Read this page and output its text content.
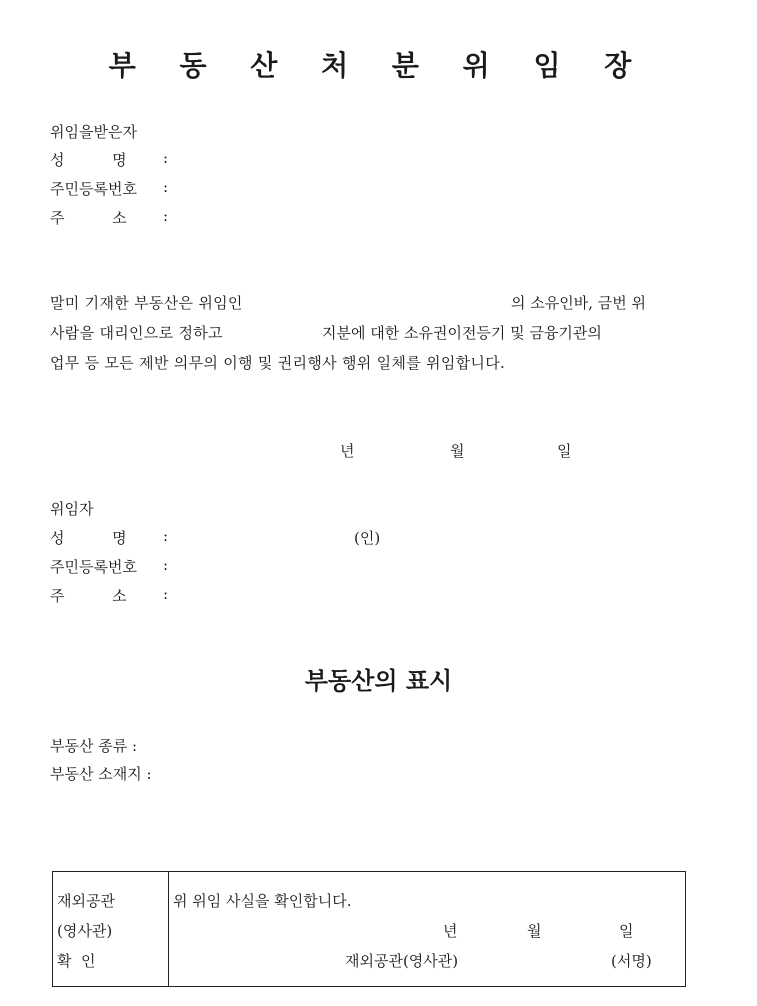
부 동 산 처 분 위 임 장
위임을받은자
성          명 :
주민등록번호 :
주          소 :
말미 기재한 부동산은 위임인	의 소유인바, 금번 위
사람을 대리인으로 정하고	지분에 대한 소유권이전등기 및 금융기관의
업무 등 모든 제반 의무의 이행 및 권리행사 행위 일체를 위임합니다.
년	월	일
위임자
성          명 :	(인)
주민등록번호 :
주          소 :
부동산의 표시
부동산 종류 :
부동산 소재지 :
재외공관
(영사관)
확  인
위 위임 사실을 확인합니다.
년	월	일
재외공관(영사관)	(서명)
